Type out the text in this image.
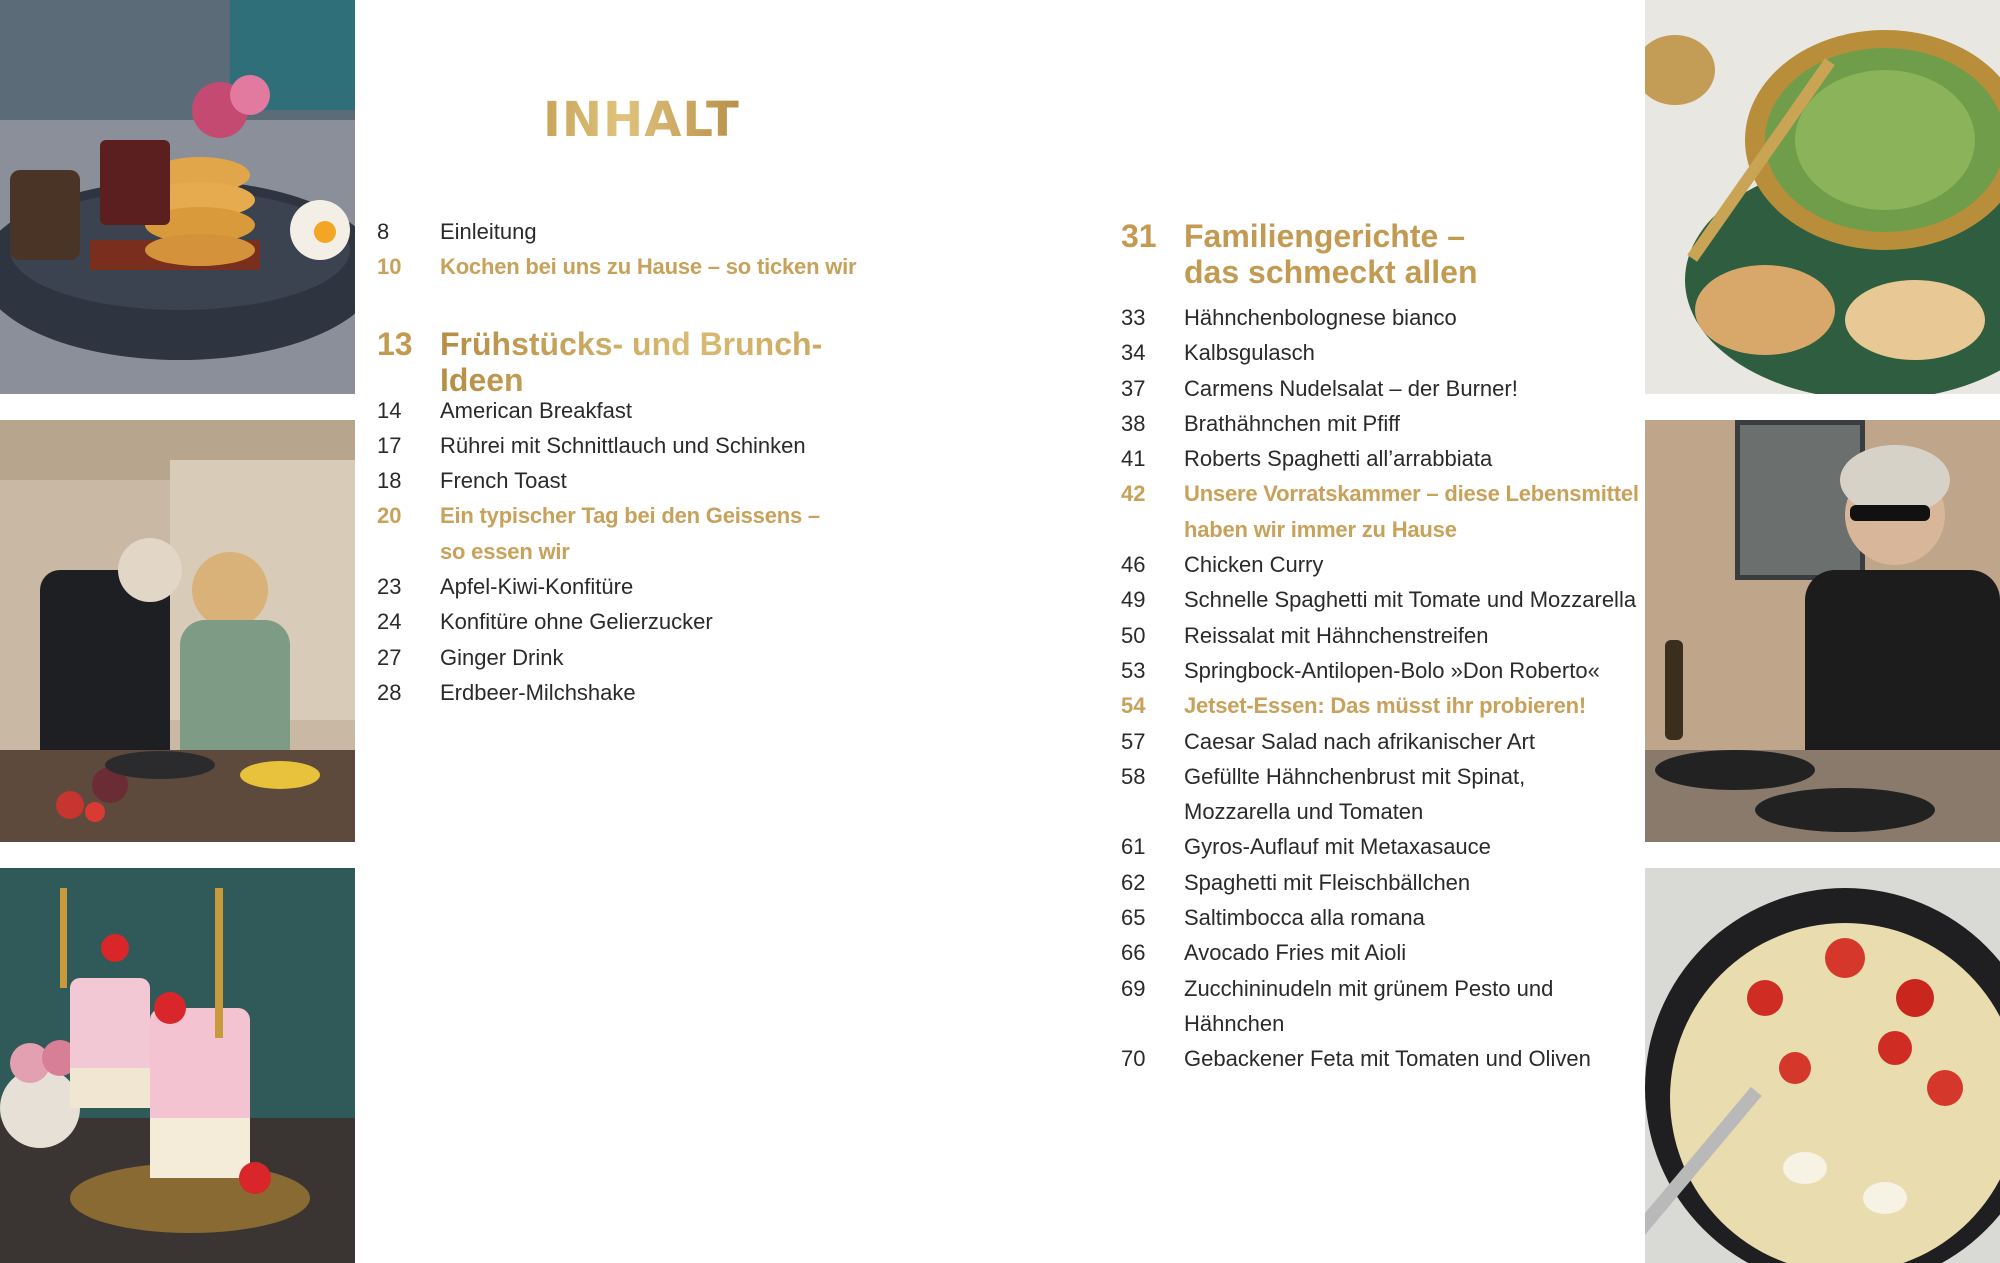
INHALT
8 Einleitung
10 Kochen bei uns zu Hause – so ticken wir
13 Frühstücks- und Brunch-Ideen
14 American Breakfast
17 Rührei mit Schnittlauch und Schinken
18 French Toast
20 Ein typischer Tag bei den Geissens –
so essen wir
23 Apfel-Kiwi-Konfitüre
24 Konfitüre ohne Gelierzucker
27 Ginger Drink
28 Erdbeer-Milchshake
31 Familiengerichte –
das schmeckt allen
33 Hähnchenbolognese bianco
34 Kalbsgulasch
37 Carmens Nudelsalat – der Burner!
38 Brathähnchen mit Pfiff
41 Roberts Spaghetti all’arrabbiata
42 Unsere Vorratskammer – diese Lebensmittel
haben wir immer zu Hause
46 Chicken Curry
49 Schnelle Spaghetti mit Tomate und Mozzarella
50 Reissalat mit Hähnchenstreifen
53 Springbock-Antilopen-Bolo »Don Roberto«
54 Jetset-Essen: Das müsst ihr probieren!
57 Caesar Salad nach afrikanischer Art
58 Gefüllte Hähnchenbrust mit Spinat,
Mozzarella und Tomaten
61 Gyros-Auflauf mit Metaxasauce
62 Spaghetti mit Fleischbällchen
65 Saltimbocca alla romana
66 Avocado Fries mit Aioli
69 Zucchininudeln mit grünem Pesto und
Hähnchen
70 Gebackener Feta mit Tomaten und Oliven
